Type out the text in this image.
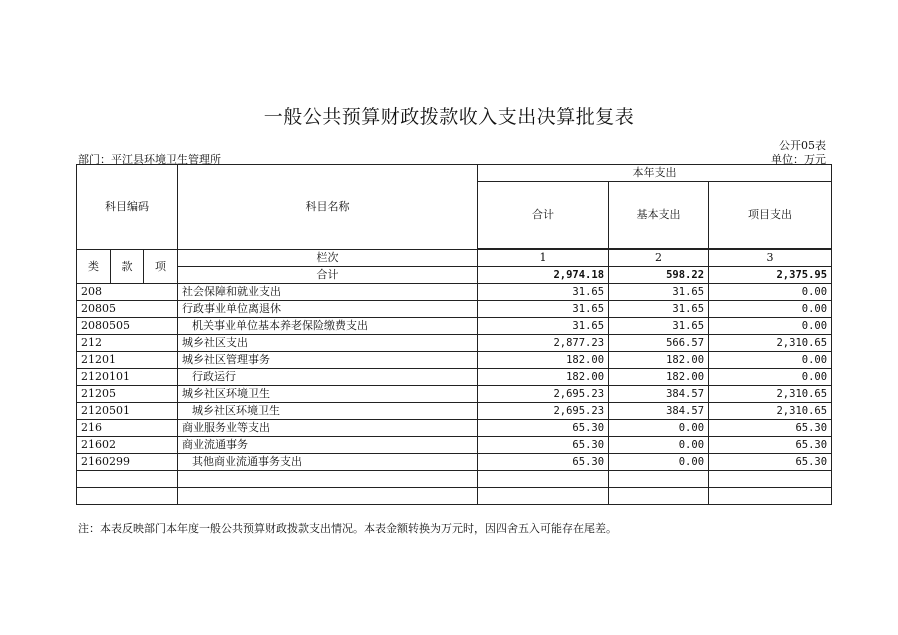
一般公共预算财政拨款收入支出决算批复表
公开05表
部门：平江县环境卫生管理所	单位：万元
科目编码			科目名称	本年支出		
				合计	基本支出	项目支出

类	款	项	栏次	1	2	3
			合计	2,974.18	598.22	2,375.95
208			社会保障和就业支出	31.65	31.65	0.00
20805			行政事业单位离退休	31.65	31.65	0.00
2080505			机关事业单位基本养老保险缴费支出	31.65	31.65	0.00
212			城乡社区支出	2,877.23	566.57	2,310.65
21201			城乡社区管理事务	182.00	182.00	0.00
2120101			行政运行	182.00	182.00	0.00
21205			城乡社区环境卫生	2,695.23	384.57	2,310.65
2120501			城乡社区环境卫生	2,695.23	384.57	2,310.65
216			商业服务业等支出	65.30	0.00	65.30
21602			商业流通事务	65.30	0.00	65.30
2160299			其他商业流通事务支出	65.30	0.00	65.30

注：本表反映部门本年度一般公共预算财政拨款支出情况。本表金额转换为万元时，因四舍五入可能存在尾差。
